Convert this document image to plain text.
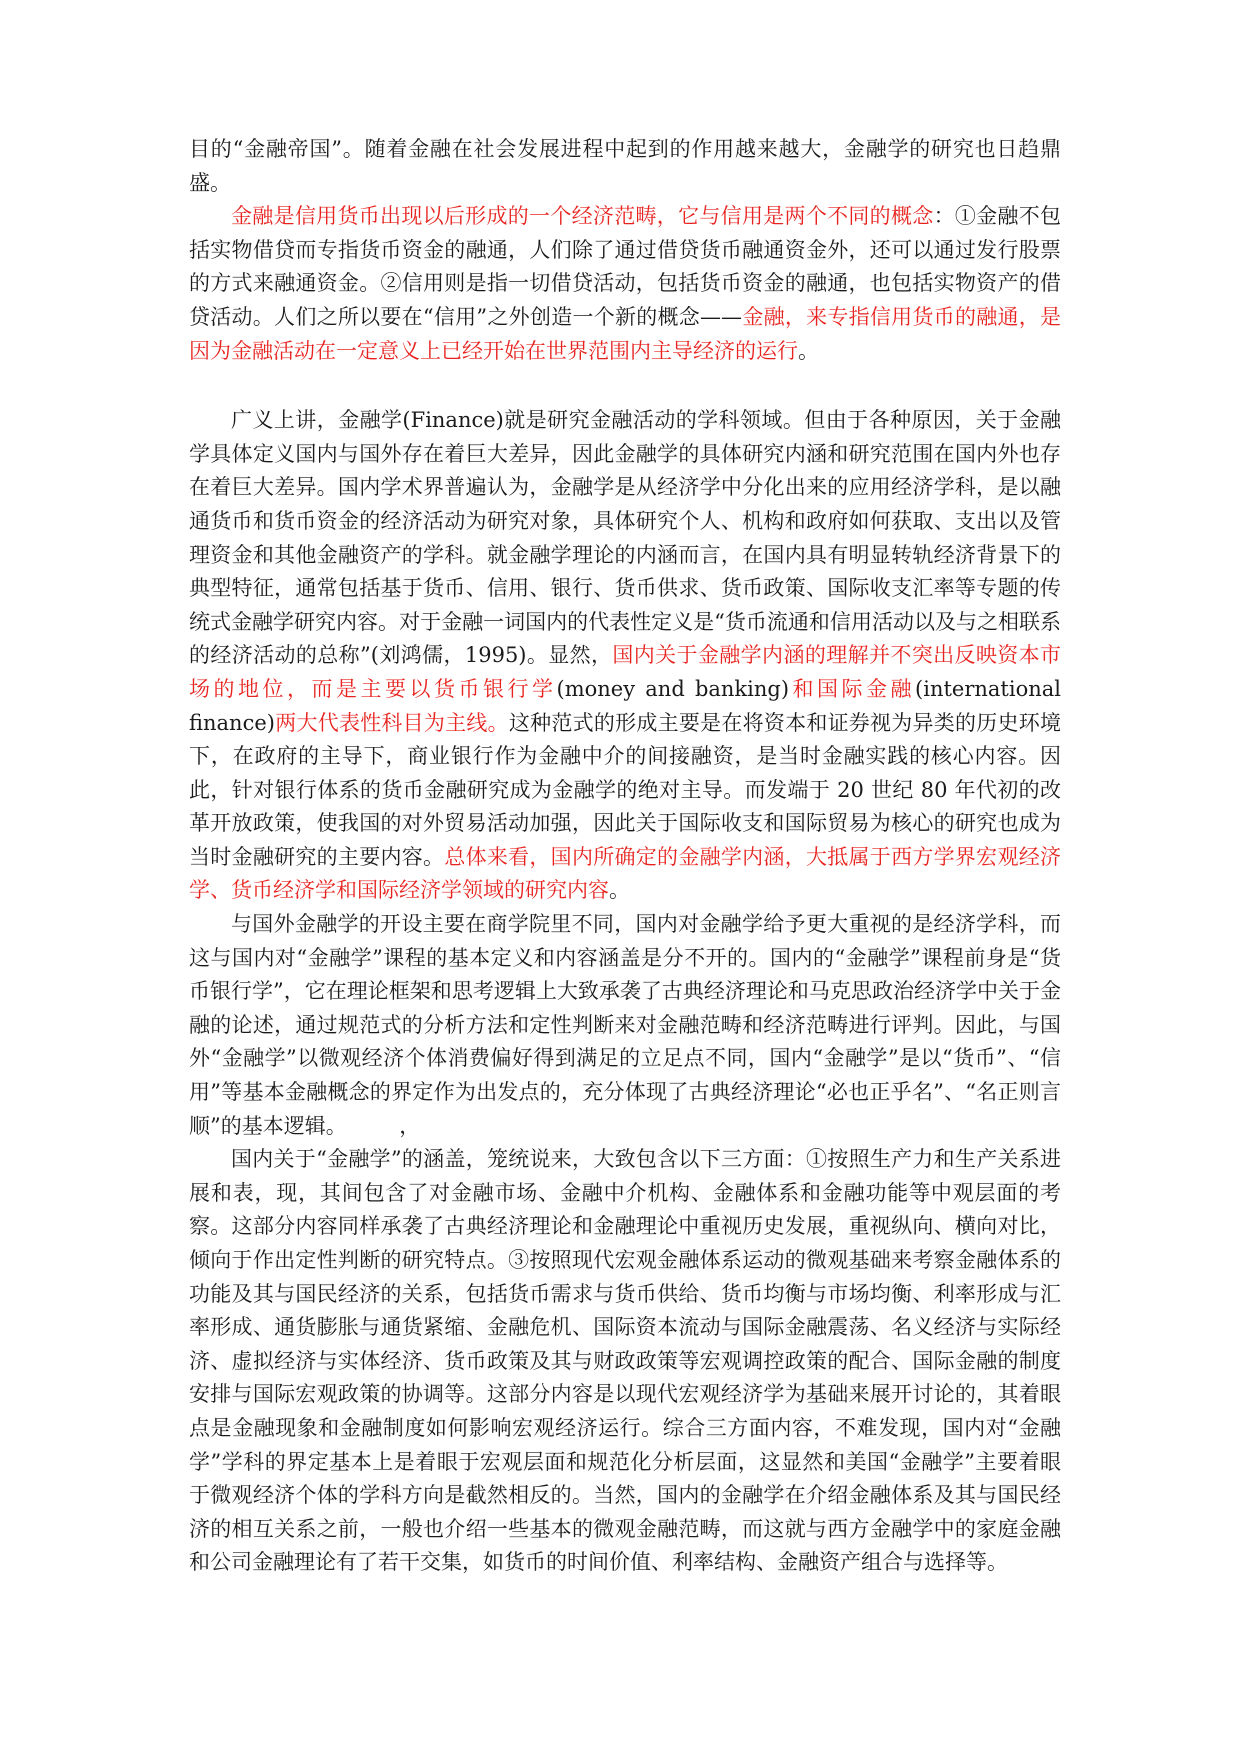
目的“金融帝国”。随着金融在社会发展进程中起到的作用越来越大，金融学的研究也日趋鼎盛。

金融是信用货币出现以后形成的一个经济范畴，它与信用是两个不同的概念：①金融不包括实物借贷而专指货币资金的融通，人们除了通过借贷货币融通资金外，还可以通过发行股票的方式来融通资金。②信用则是指一切借贷活动，包括货币资金的融通，也包括实物资产的借贷活动。人们之所以要在“信用”之外创造一个新的概念——金融，来专指信用货币的融通，是因为金融活动在一定意义上已经开始在世界范围内主导经济的运行。

广义上讲，金融学(Finance)就是研究金融活动的学科领域。但由于各种原因，关于金融学具体定义国内与国外存在着巨大差异，因此金融学的具体研究内涵和研究范围在国内外也存在着巨大差异。国内学术界普遍认为，金融学是从经济学中分化出来的应用经济学科，是以融通货币和货币资金的经济活动为研究对象，具体研究个人、机构和政府如何获取、支出以及管理资金和其他金融资产的学科。就金融学理论的内涵而言，在国内具有明显转轨经济背景下的典型特征，通常包括基于货币、信用、银行、货币供求、货币政策、国际收支汇率等专题的传统式金融学研究内容。对于金融一词国内的代表性定义是“货币流通和信用活动以及与之相联系的经济活动的总称”(刘鸿儒，1995)。显然，国内关于金融学内涵的理解并不突出反映资本市场的地位，而是主要以货币银行学(money and banking)和国际金融(international finance)两大代表性科目为主线。这种范式的形成主要是在将资本和证券视为异类的历史环境下，在政府的主导下，商业银行作为金融中介的间接融资，是当时金融实践的核心内容。因此，针对银行体系的货币金融研究成为金融学的绝对主导。而发端于 20 世纪 80 年代初的改革开放政策，使我国的对外贸易活动加强，因此关于国际收支和国际贸易为核心的研究也成为当时金融研究的主要内容。总体来看，国内所确定的金融学内涵，大抵属于西方学界宏观经济学、货币经济学和国际经济学领域的研究内容。

与国外金融学的开设主要在商学院里不同，国内对金融学给予更大重视的是经济学科，而这与国内对“金融学”课程的基本定义和内容涵盖是分不开的。国内的“金融学”课程前身是“货币银行学”，它在理论框架和思考逻辑上大致承袭了古典经济理论和马克思政治经济学中关于金融的论述，通过规范式的分析方法和定性判断来对金融范畴和经济范畴进行评判。因此，与国外“金融学”以微观经济个体消费偏好得到满足的立足点不同，国内“金融学”是以“货币”、“信用”等基本金融概念的界定作为出发点的，充分体现了古典经济理论“必也正乎名”、“名正则言顺”的基本逻辑。　　　，

国内关于“金融学”的涵盖，笼统说来，大致包含以下三方面：①按照生产力和生产关系进展和表，现，其间包含了对金融市场、金融中介机构、金融体系和金融功能等中观层面的考察。这部分内容同样承袭了古典经济理论和金融理论中重视历史发展，重视纵向、横向对比，倾向于作出定性判断的研究特点。③按照现代宏观金融体系运动的微观基础来考察金融体系的功能及其与国民经济的关系，包括货币需求与货币供给、货币均衡与市场均衡、利率形成与汇率形成、通货膨胀与通货紧缩、金融危机、国际资本流动与国际金融震荡、名义经济与实际经济、虚拟经济与实体经济、货币政策及其与财政政策等宏观调控政策的配合、国际金融的制度安排与国际宏观政策的协调等。这部分内容是以现代宏观经济学为基础来展开讨论的，其着眼点是金融现象和金融制度如何影响宏观经济运行。综合三方面内容，不难发现，国内对“金融学”学科的界定基本上是着眼于宏观层面和规范化分析层面，这显然和美国“金融学”主要着眼于微观经济个体的学科方向是截然相反的。当然，国内的金融学在介绍金融体系及其与国民经济的相互关系之前，一般也介绍一些基本的微观金融范畴，而这就与西方金融学中的家庭金融和公司金融理论有了若干交集，如货币的时间价值、利率结构、金融资产组合与选择等。
